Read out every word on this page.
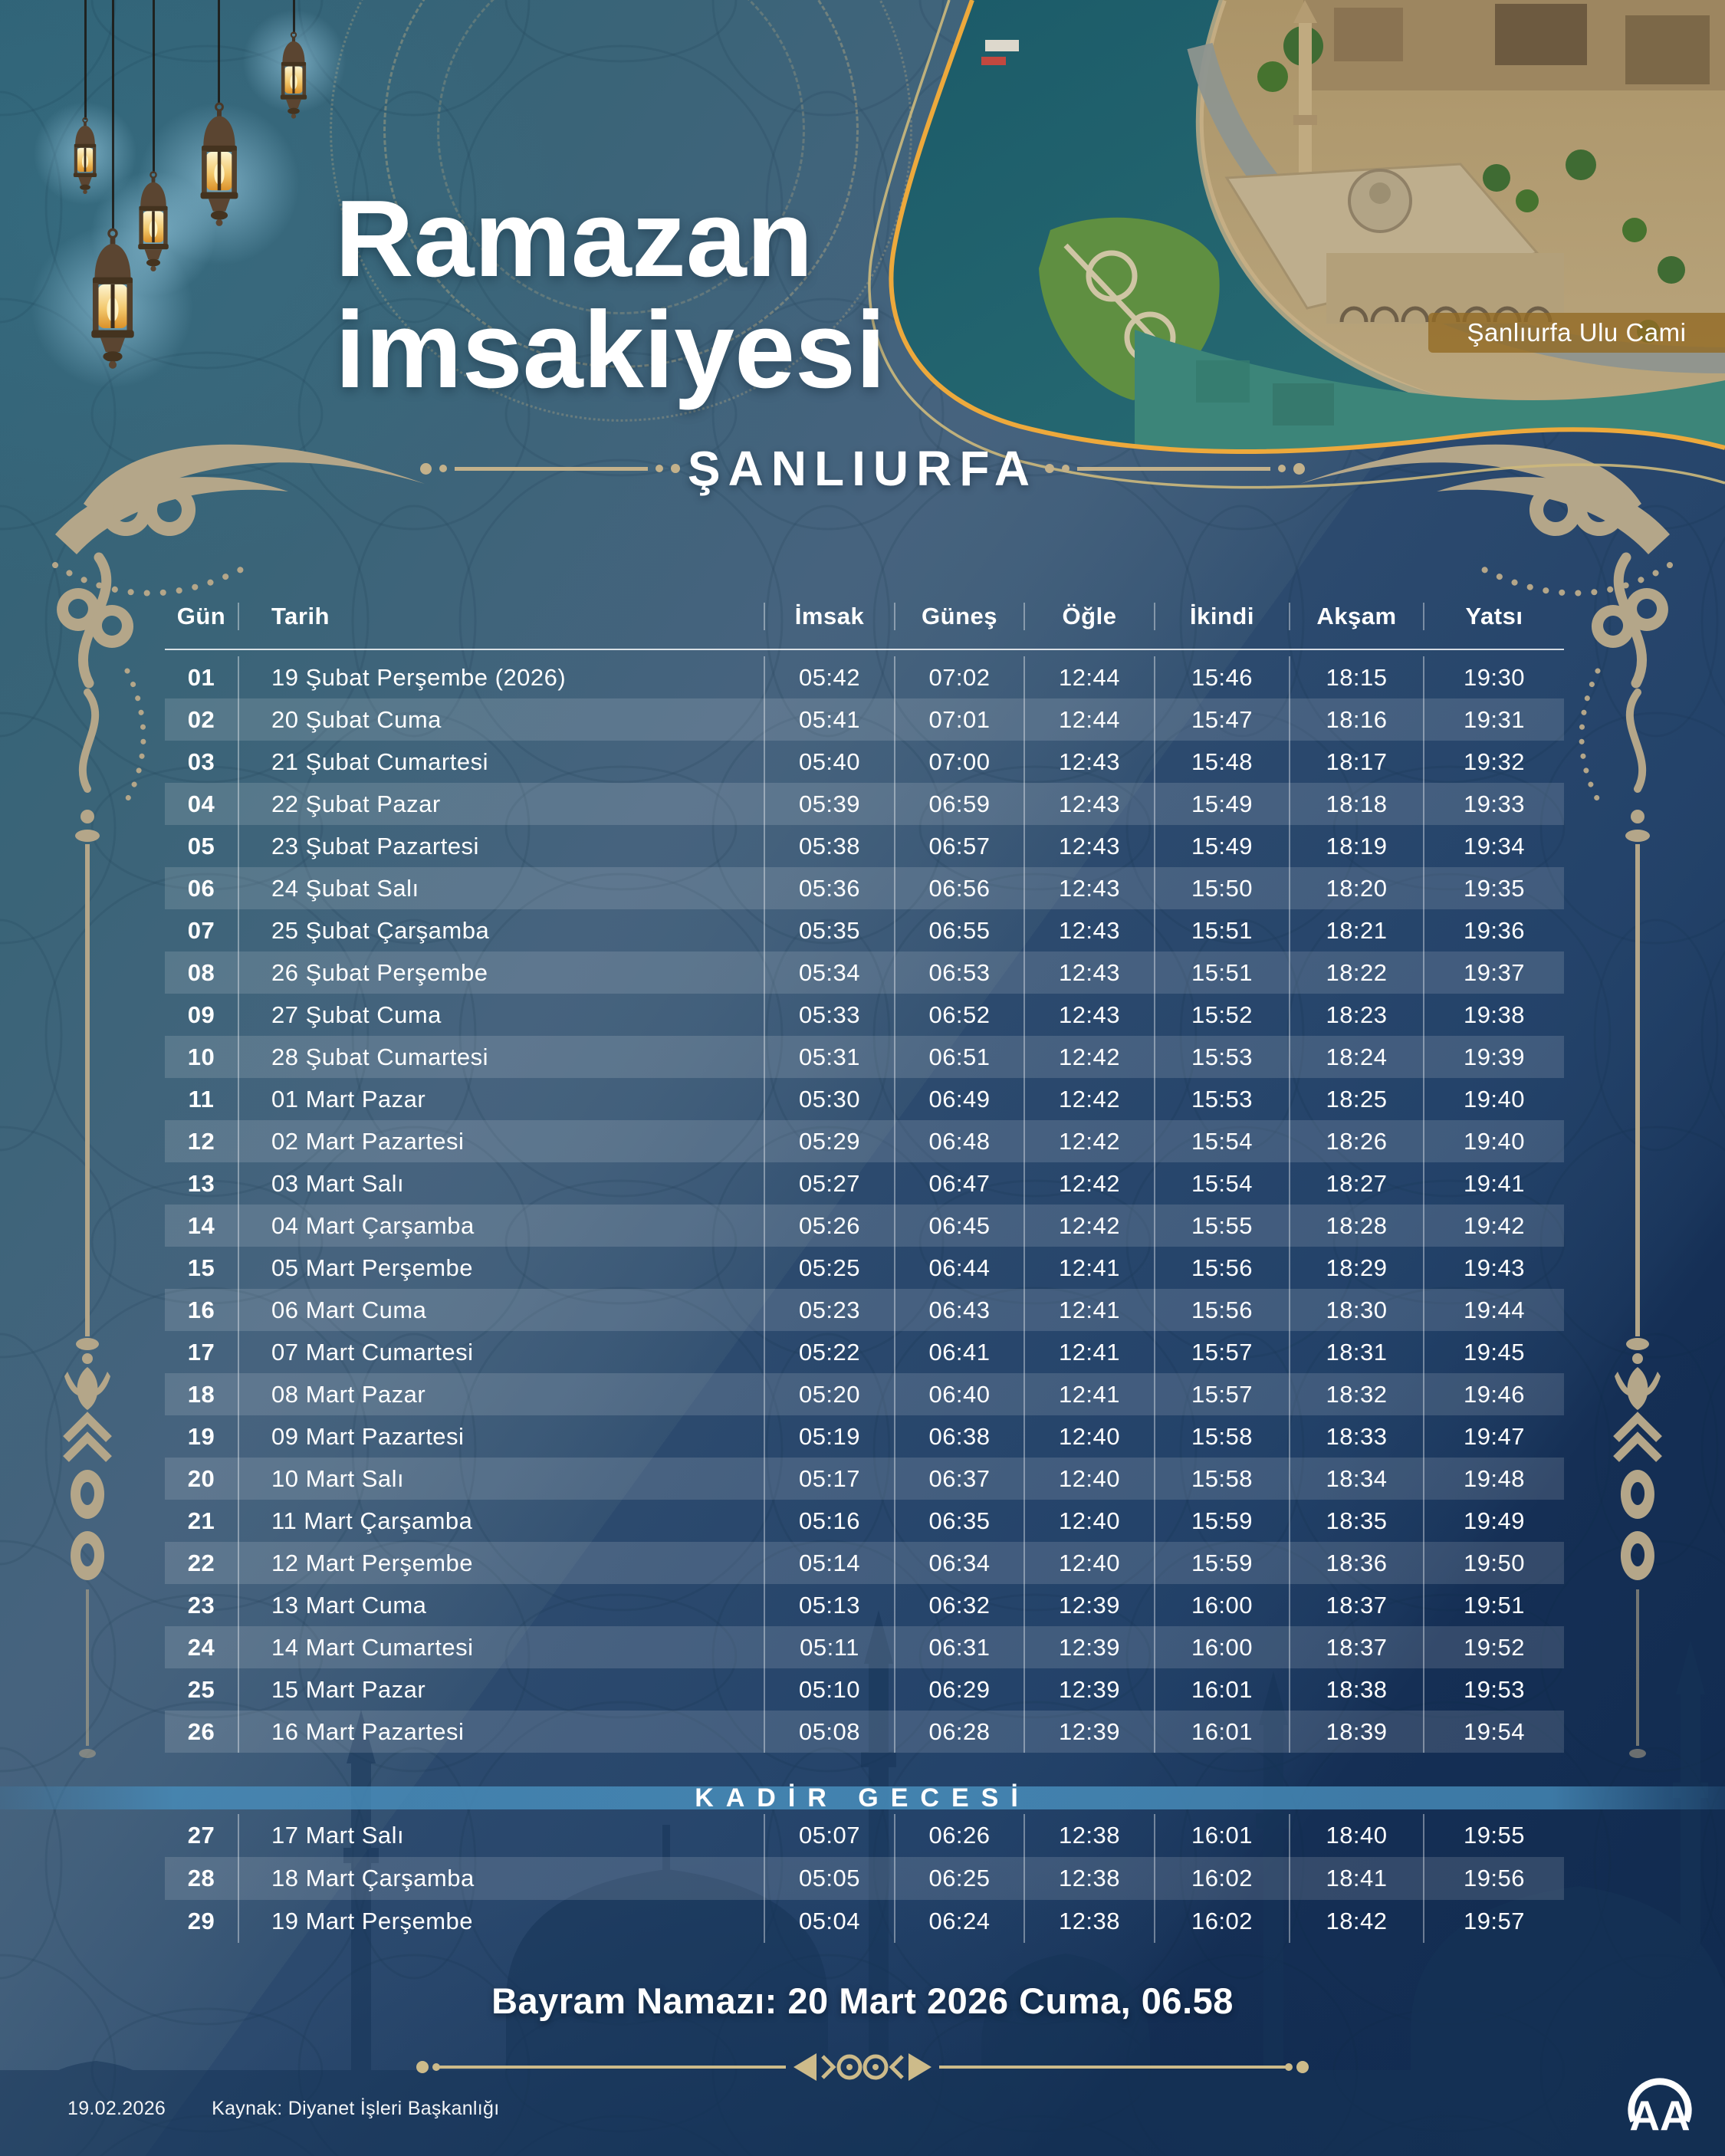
Ramazan
imsakiyesi	Şanlıurfa Ulu Cami
ŞANLIURFA
Gün	Tarih	İmsak	Güneş	Öğle	İkindi	Akşam	Yatsı
01	19 Şubat Perşembe (2026)	05:42	07:02	12:44	15:46	18:15	19:30
02	20 Şubat Cuma	05:41	07:01	12:44	15:47	18:16	19:31
03	21 Şubat Cumartesi	05:40	07:00	12:43	15:48	18:17	19:32
04	22 Şubat Pazar	05:39	06:59	12:43	15:49	18:18	19:33
05	23 Şubat Pazartesi	05:38	06:57	12:43	15:49	18:19	19:34
06	24 Şubat Salı	05:36	06:56	12:43	15:50	18:20	19:35
07	25 Şubat Çarşamba	05:35	06:55	12:43	15:51	18:21	19:36
08	26 Şubat Perşembe	05:34	06:53	12:43	15:51	18:22	19:37
09	27 Şubat Cuma	05:33	06:52	12:43	15:52	18:23	19:38
10	28 Şubat Cumartesi	05:31	06:51	12:42	15:53	18:24	19:39
11	01 Mart Pazar	05:30	06:49	12:42	15:53	18:25	19:40
12	02 Mart Pazartesi	05:29	06:48	12:42	15:54	18:26	19:40
13	03 Mart Salı	05:27	06:47	12:42	15:54	18:27	19:41
14	04 Mart Çarşamba	05:26	06:45	12:42	15:55	18:28	19:42
15	05 Mart Perşembe	05:25	06:44	12:41	15:56	18:29	19:43
16	06 Mart Cuma	05:23	06:43	12:41	15:56	18:30	19:44
17	07 Mart Cumartesi	05:22	06:41	12:41	15:57	18:31	19:45
18	08 Mart Pazar	05:20	06:40	12:41	15:57	18:32	19:46
19	09 Mart Pazartesi	05:19	06:38	12:40	15:58	18:33	19:47
20	10 Mart Salı	05:17	06:37	12:40	15:58	18:34	19:48
21	11 Mart Çarşamba	05:16	06:35	12:40	15:59	18:35	19:49
22	12 Mart Perşembe	05:14	06:34	12:40	15:59	18:36	19:50
23	13 Mart Cuma	05:13	06:32	12:39	16:00	18:37	19:51
24	14 Mart Cumartesi	05:11	06:31	12:39	16:00	18:37	19:52
25	15 Mart Pazar	05:10	06:29	12:39	16:01	18:38	19:53
26	16 Mart Pazartesi	05:08	06:28	12:39	16:01	18:39	19:54
KADİR GECESİ
27	17 Mart Salı	05:07	06:26	12:38	16:01	18:40	19:55
28	18 Mart Çarşamba	05:05	06:25	12:38	16:02	18:41	19:56
29	19 Mart Perşembe	05:04	06:24	12:38	16:02	18:42	19:57
Bayram Namazı: 20 Mart 2026 Cuma, 06.58
19.02.2026 Kaynak: Diyanet İşleri Başkanlığı	AA
